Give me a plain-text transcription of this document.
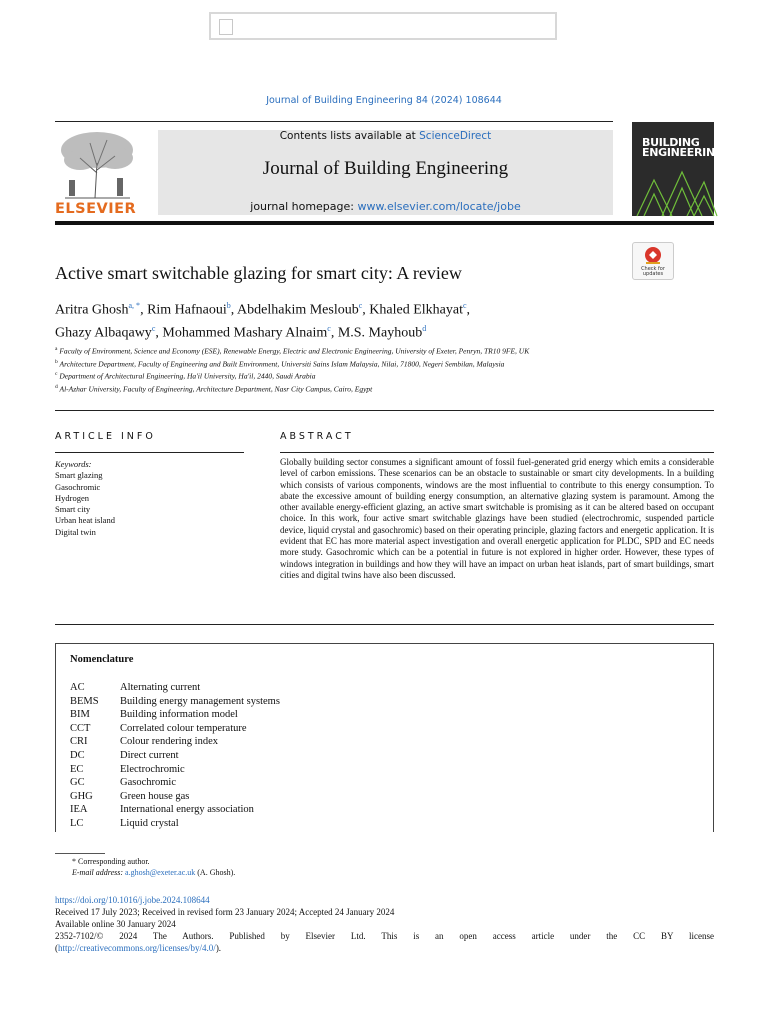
Journal of Building Engineering 84 (2024) 108644
ELSEVIER
Contents lists available at ScienceDirect
Journal of Building Engineering
journal homepage: www.elsevier.com/locate/jobe
BUILDING
ENGINEERING
Check for updates
Active smart switchable glazing for smart city: A review
Aritra Ghosh$^{a, *}$, Rim Hafnaoui$^b$, Abdelhakim Mesloub$^c$, Khaled Elkhayat$^c$,
Ghazy Albaqawy$^c$, Mohammed Mashary Alnaim$^c$, M.S. Mayhoub$^d$
$^a$ Faculty of Environment, Science and Economy (ESE), Renewable Energy, Electric and Electronic Engineering, University of Exeter, Penryn, TR10 9FE, UK
$^b$ Architecture Department, Faculty of Engineering and Built Environment, Universiti Sains Islam Malaysia, Nilai, 71800, Negeri Sembilan, Malaysia
$^c$ Department of Architectural Engineering, Ha'il University, Ha'il, 2440, Saudi Arabia
$^d$ Al-Azhar University, Faculty of Engineering, Architecture Department, Nasr City Campus, Cairo, Egypt
ARTICLE INFO
Keywords:
Smart glazing
Gasochromic
Hydrogen
Smart city
Urban heat island
Digital twin
ABSTRACT
Globally building sector consumes a significant amount of fossil fuel-generated grid energy which emits a considerable level of carbon emissions. These scenarios can be an obstacle to sustainable or smart city developments. In a building which consists of various components, windows are the most influential to contribute to this energy consumption. To abate the excessive amount of building energy consumption, an alternative glazing system is paramount. Among the other available energy-efficient glazing, an active smart switchable is promising as it can be altered based on occupant choice. In this work, four active smart switchable glazings have been studied (electrochromic, suspended particle device, liquid crystal and gasochromic) based on their operating principle, glazing factors and energetic application. It is evident that EC has more material aspect investigation and overall energetic application for PLDC, SPD and EC needs more study. Gasochromic which can be a potential in future is not explored in higher order. However, these types of windows integration in buildings and how they will have an impact on urban heat islands, part of smart buildings, smart cities and digital twins have also been discussed.
Nomenclature
AC	Alternating current
BEMS	Building energy management systems
BIM	Building information model
CCT	Correlated colour temperature
CRI	Colour rendering index
DC	Direct current
EC	Electrochromic
GC	Gasochromic
GHG	Green house gas
IEA	International energy association
LC	Liquid crystal
* Corresponding author.
E-mail address: a.ghosh@exeter.ac.uk (A. Ghosh).
https://doi.org/10.1016/j.jobe.2024.108644
Received 17 July 2023; Received in revised form 23 January 2024; Accepted 24 January 2024
Available online 30 January 2024
2352-7102/© 2024 The Authors. Published by Elsevier Ltd. This is an open access article under the CC BY license
(http://creativecommons.org/licenses/by/4.0/).
